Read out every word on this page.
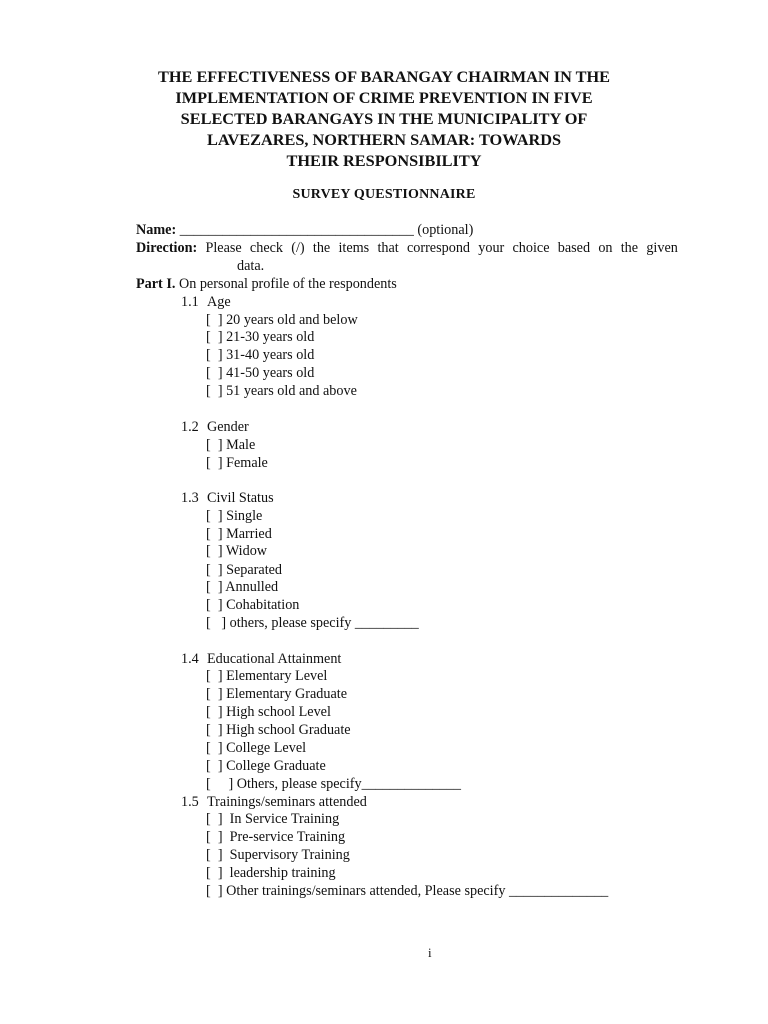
THE EFFECTIVENESS OF BARANGAY CHAIRMAN IN THE
IMPLEMENTATION OF CRIME PREVENTION IN FIVE
SELECTED BARANGAYS IN THE MUNICIPALITY OF
LAVEZARES, NORTHERN SAMAR: TOWARDS
THEIR RESPONSIBILITY
SURVEY QUESTIONNAIRE
Name: _________________________________ (optional)
Direction: Please check (/) the items that correspond your choice based on the given
data.
Part I. On personal profile of the respondents
1.1 Age
[  ] 20 years old and below
[  ] 21-30 years old
[  ] 31-40 years old
[  ] 41-50 years old
[  ] 51 years old and above
1.2 Gender
[  ] Male
[  ] Female
1.3 Civil Status
[  ] Single
[  ] Married
[  ] Widow
[  ] Separated
[  ] Annulled
[  ] Cohabitation
[   ] others, please specify _________
1.4 Educational Attainment
[  ] Elementary Level
[  ] Elementary Graduate
[  ] High school Level
[  ] High school Graduate
[  ] College Level
[  ] College Graduate
[     ] Others, please specify______________
1.5 Trainings/seminars attended
[  ]  In Service Training
[  ]  Pre-service Training
[  ]  Supervisory Training
[  ]  leadership training
[  ] Other trainings/seminars attended, Please specify ______________
i
